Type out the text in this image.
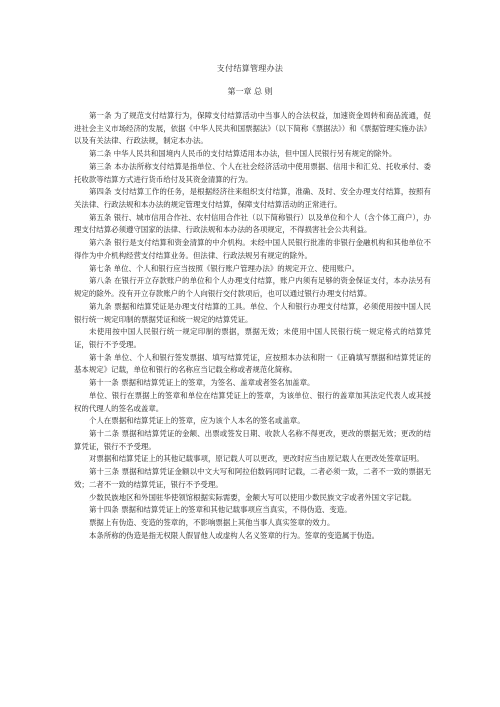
支付结算管理办法
第一章 总 则

第一条 为了规范支付结算行为，保障支付结算活动中当事人的合法权益，加速资金周转和商品流通，促进社会主义市场经济的发展，依据《中华人民共和国票据法》（以下简称《票据法》）和《票据管理实施办法》以及有关法律、行政法规，制定本办法。

第二条 中华人民共和国境内人民币的支付结算适用本办法，但中国人民银行另有规定的除外。

第三条 本办法所称支付结算是指单位、个人在社会经济活动中使用票据、信用卡和汇兑、托收承付、委托收款等结算方式进行货币给付及其资金清算的行为。

第四条 支付结算工作的任务，是根据经济往来组织支付结算，准确、及时、安全办理支付结算，按照有关法律、行政法规和本办法的规定管理支付结算，保障支付结算活动的正常进行。

第五条 银行、城市信用合作社、农村信用合作社（以下简称银行）以及单位和个人（含个体工商户），办理支付结算必须遵守国家的法律、行政法规和本办法的各项规定，不得损害社会公共利益。

第六条 银行是支付结算和资金清算的中介机构。未经中国人民银行批准的非银行金融机构和其他单位不得作为中介机构经营支付结算业务。但法律、行政法规另有规定的除外。

第七条 单位、个人和银行应当按照《银行账户管理办法》的规定开立、使用账户。

第八条 在银行开立存款账户的单位和个人办理支付结算，账户内须有足够的资金保证支付，本办法另有规定的除外。没有开立存款账户的个人向银行交付款项后，也可以通过银行办理支付结算。

第九条 票据和结算凭证是办理支付结算的工具。单位、个人和银行办理支付结算，必须使用按中国人民银行统一规定印制的票据凭证和统一规定的结算凭证。

未使用按中国人民银行统一规定印制的票据，票据无效；未使用中国人民银行统一规定格式的结算凭证，银行不予受理。

第十条 单位、个人和银行签发票据、填写结算凭证，应按照本办法和附一《正确填写票据和结算凭证的基本规定》记载，单位和银行的名称应当记载全称或者规范化简称。

第十一条 票据和结算凭证上的签章，为签名、盖章或者签名加盖章。

单位、银行在票据上的签章和单位在结算凭证上的签章，为该单位、银行的盖章加其法定代表人或其授权的代理人的签名或盖章。

个人在票据和结算凭证上的签章，应为该个人本名的签名或盖章。

第十二条 票据和结算凭证的金额、出票或签发日期、收款人名称不得更改，更改的票据无效；更改的结算凭证，银行不予受理。

对票据和结算凭证上的其他记载事项，原记载人可以更改，更改时应当由原记载人在更改处签章证明。

第十三条 票据和结算凭证金额以中文大写和阿拉伯数码同时记载，二者必须一致，二者不一致的票据无效；二者不一致的结算凭证，银行不予受理。

少数民族地区和外国驻华使领馆根据实际需要，金额大写可以使用少数民族文字或者外国文字记载。

第十四条 票据和结算凭证上的签章和其他记载事项应当真实，不得伪造、变造。

票据上有伪造、变造的签章的，不影响票据上其他当事人真实签章的效力。

本条所称的伪造是指无权限人假冒他人或虚构人名义签章的行为。签章的变造属于伪造。
